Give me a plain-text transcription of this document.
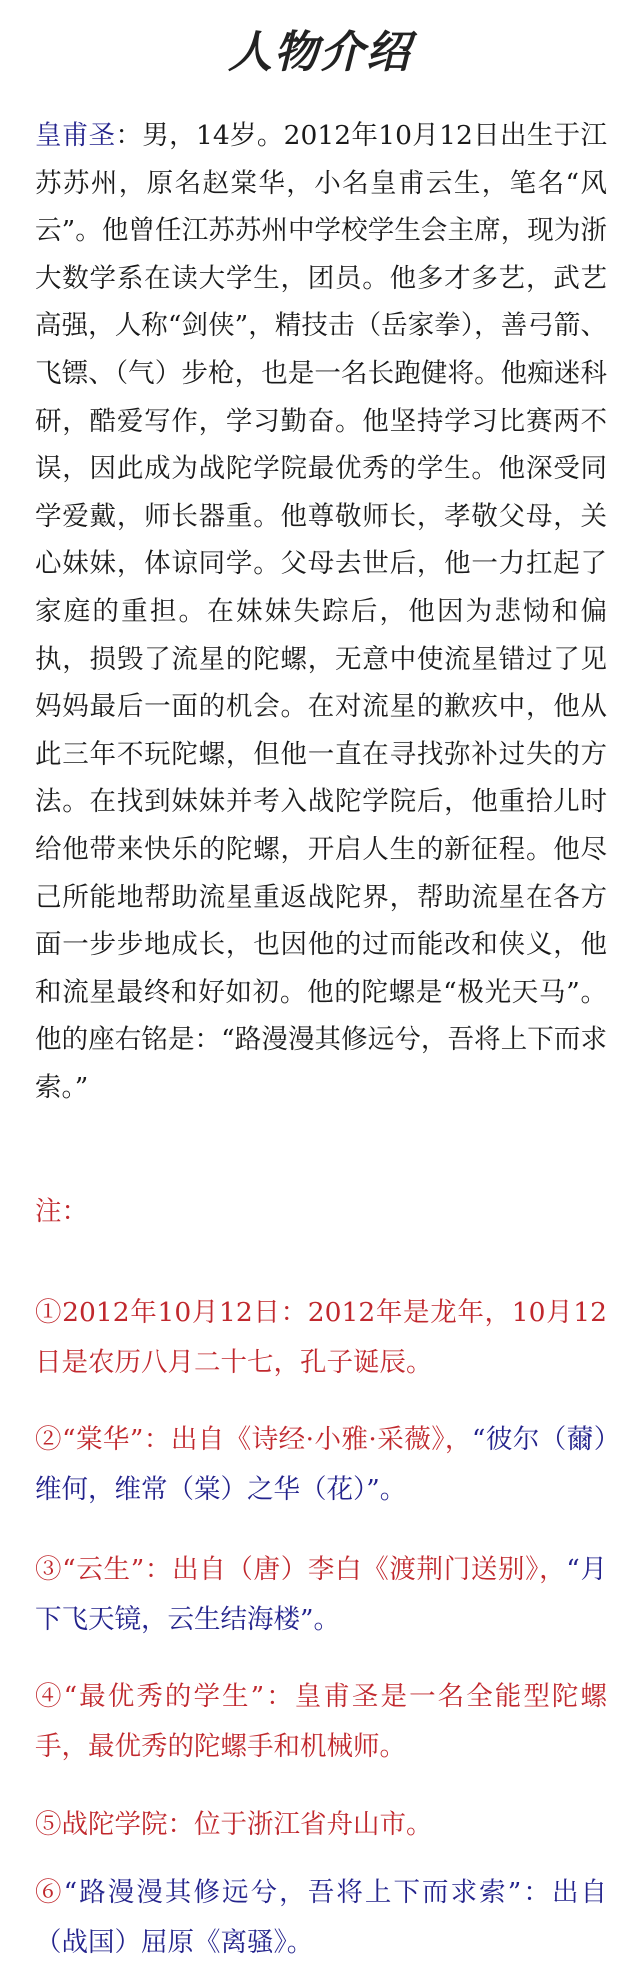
人物介绍

皇甫圣：男，14岁。2012年10月12日出生于江苏苏州，原名赵棠华，小名皇甫云生，笔名“风云”。他曾任江苏苏州中学校学生会主席，现为浙大数学系在读大学生，团员。他多才多艺，武艺高强，人称“剑侠”，精技击（岳家拳），善弓箭、 飞镖、（气）步枪，也是一名长跑健将。他痴迷科研，酷爱写作，学习勤奋。他坚持学习比赛两不误，因此成为战陀学院最优秀的学生。他深受同学爱戴，师长器重。他尊敬师长，孝敬父母，关心妹妹，体谅同学。父母去世后，他一力扛起了家庭的重担。在妹妹失踪后，他因为悲恸和偏执，损毁了流星的陀螺，无意中使流星错过了见妈妈最后一面的机会。在对流星的歉疚中，他从此三年不玩陀螺，但他一直在寻找弥补过失的方法。在找到妹妹并考入战陀学院后，他重拾儿时给他带来快乐的陀螺，开启人生的新征程。他尽己所能地帮助流星重返战陀界，帮助流星在各方面一步步地成长，也因他的过而能改和侠义，他和流星最终和好如初。他的陀螺是“极光天马”。他的座右铭是：“路漫漫其修远兮，吾将上下而求索。”

注：

①2012年10月12日：2012年是龙年，10月12日是农历八月二十七，孔子诞辰。

②“棠华”：出自《诗经·小雅·采薇》，“彼尔（薾）维何，维常（棠）之华（花）”。

③“云生”：出自（唐）李白《渡荆门送别》，“月下飞天镜，云生结海楼”。

④“最优秀的学生”：皇甫圣是一名全能型陀螺手，最优秀的陀螺手和机械师。

⑤战陀学院：位于浙江省舟山市。

⑥“路漫漫其修远兮，吾将上下而求索”：出自（战国）屈原《离骚》。
